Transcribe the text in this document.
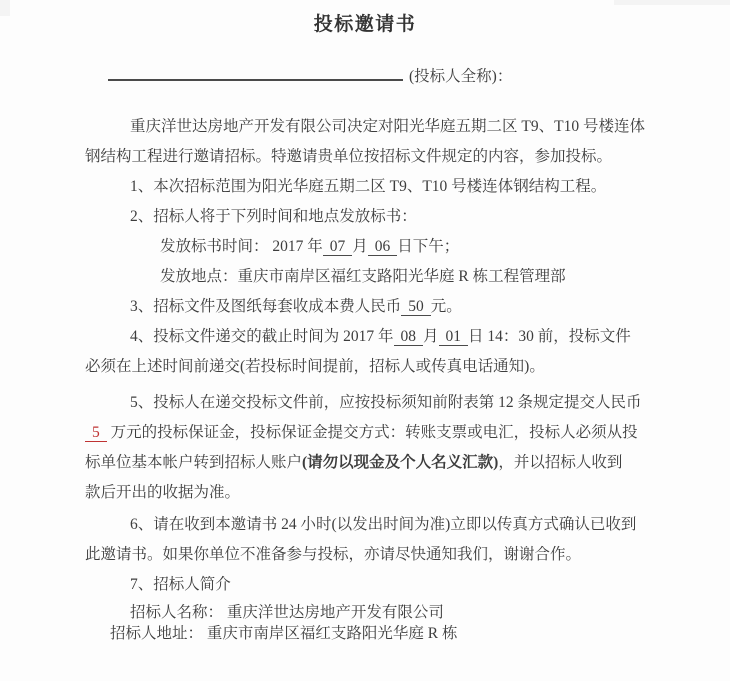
投标邀请书
(投标人全称)：
重庆洋世达房地产开发有限公司决定对阳光华庭五期二区 T9、T10 号楼连体
钢结构工程进行邀请招标。特邀请贵单位按招标文件规定的内容，参加投标。
1、本次招标范围为阳光华庭五期二区 T9、T10 号楼连体钢结构工程。
2、招标人将于下列时间和地点发放标书：
发放标书时间： 2017 年 07 月 06 日下午；
发放地点：重庆市南岸区福红支路阳光华庭 R 栋工程管理部
3、招标文件及图纸每套收成本费人民币 50 元。
4、投标文件递交的截止时间为 2017 年 08 月 01 日 14：30 前，投标文件
必须在上述时间前递交(若投标时间提前，招标人或传真电话通知)。
5、投标人在递交投标文件前，应按投标须知前附表第 12 条规定提交人民币
5 万元的投标保证金，投标保证金提交方式：转账支票或电汇，投标人必须从投
标单位基本帐户转到招标人账户(请勿以现金及个人名义汇款)，并以招标人收到
款后开出的收据为准。
6、请在收到本邀请书 24 小时(以发出时间为准)立即以传真方式确认已收到
此邀请书。如果你单位不准备参与投标，亦请尽快通知我们，谢谢合作。
7、招标人简介
招标人名称： 重庆洋世达房地产开发有限公司
招标人地址： 重庆市南岸区福红支路阳光华庭 R 栋
